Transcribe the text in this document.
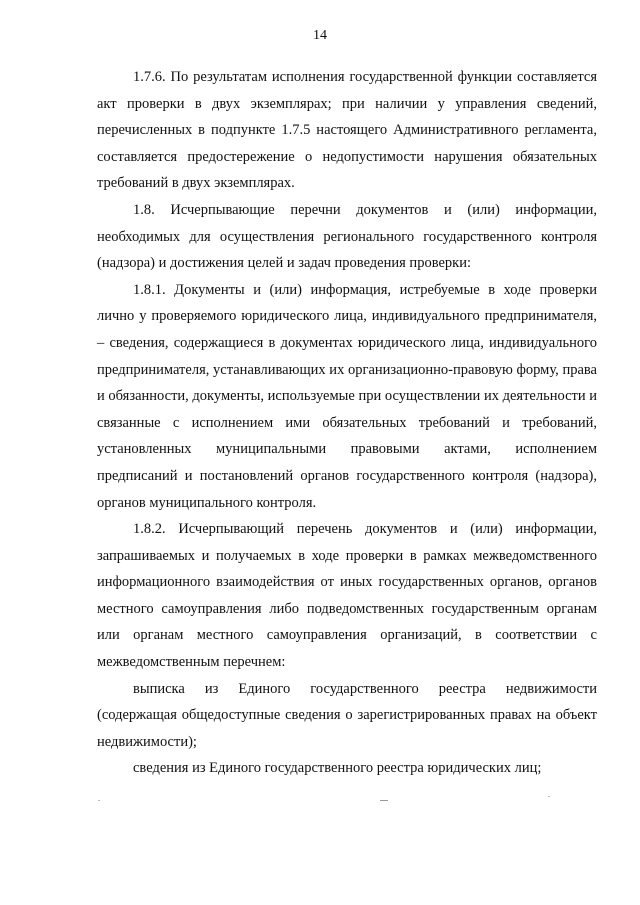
14

1.7.6. По результатам исполнения государственной функции составляется акт проверки в двух экземплярах; при наличии у управления сведений, перечисленных в подпункте 1.7.5 настоящего Административного регламента, составляется предостережение о недопустимости нарушения обязательных требований в двух экземплярах.

1.8. Исчерпывающие перечни документов и (или) информации, необходимых для осуществления регионального государственного контроля (надзора) и достижения целей и задач проведения проверки:

1.8.1. Документы и (или) информация, истребуемые в ходе проверки лично у проверяемого юридического лица, индивидуального предпринимателя, – сведения, содержащиеся в документах юридического лица, индивидуального предпринимателя, устанавливающих их организационно-правовую форму, права и обязанности, документы, используемые при осуществлении их деятельности и связанные с исполнением ими обязательных требований и требований, установленных муниципальными правовыми актами, исполнением предписаний и постановлений органов государственного контроля (надзора), органов муниципального контроля.

1.8.2. Исчерпывающий перечень документов и (или) информации, запрашиваемых и получаемых в ходе проверки в рамках межведомственного информационного взаимодействия от иных государственных органов, органов местного самоуправления либо подведомственных государственным органам или органам местного самоуправления организаций, в соответствии с межведомственным перечнем:

выписка из Единого государственного реестра недвижимости (содержащая общедоступные сведения о зарегистрированных правах на объект недвижимости);

сведения из Единого государственного реестра юридических лиц;
